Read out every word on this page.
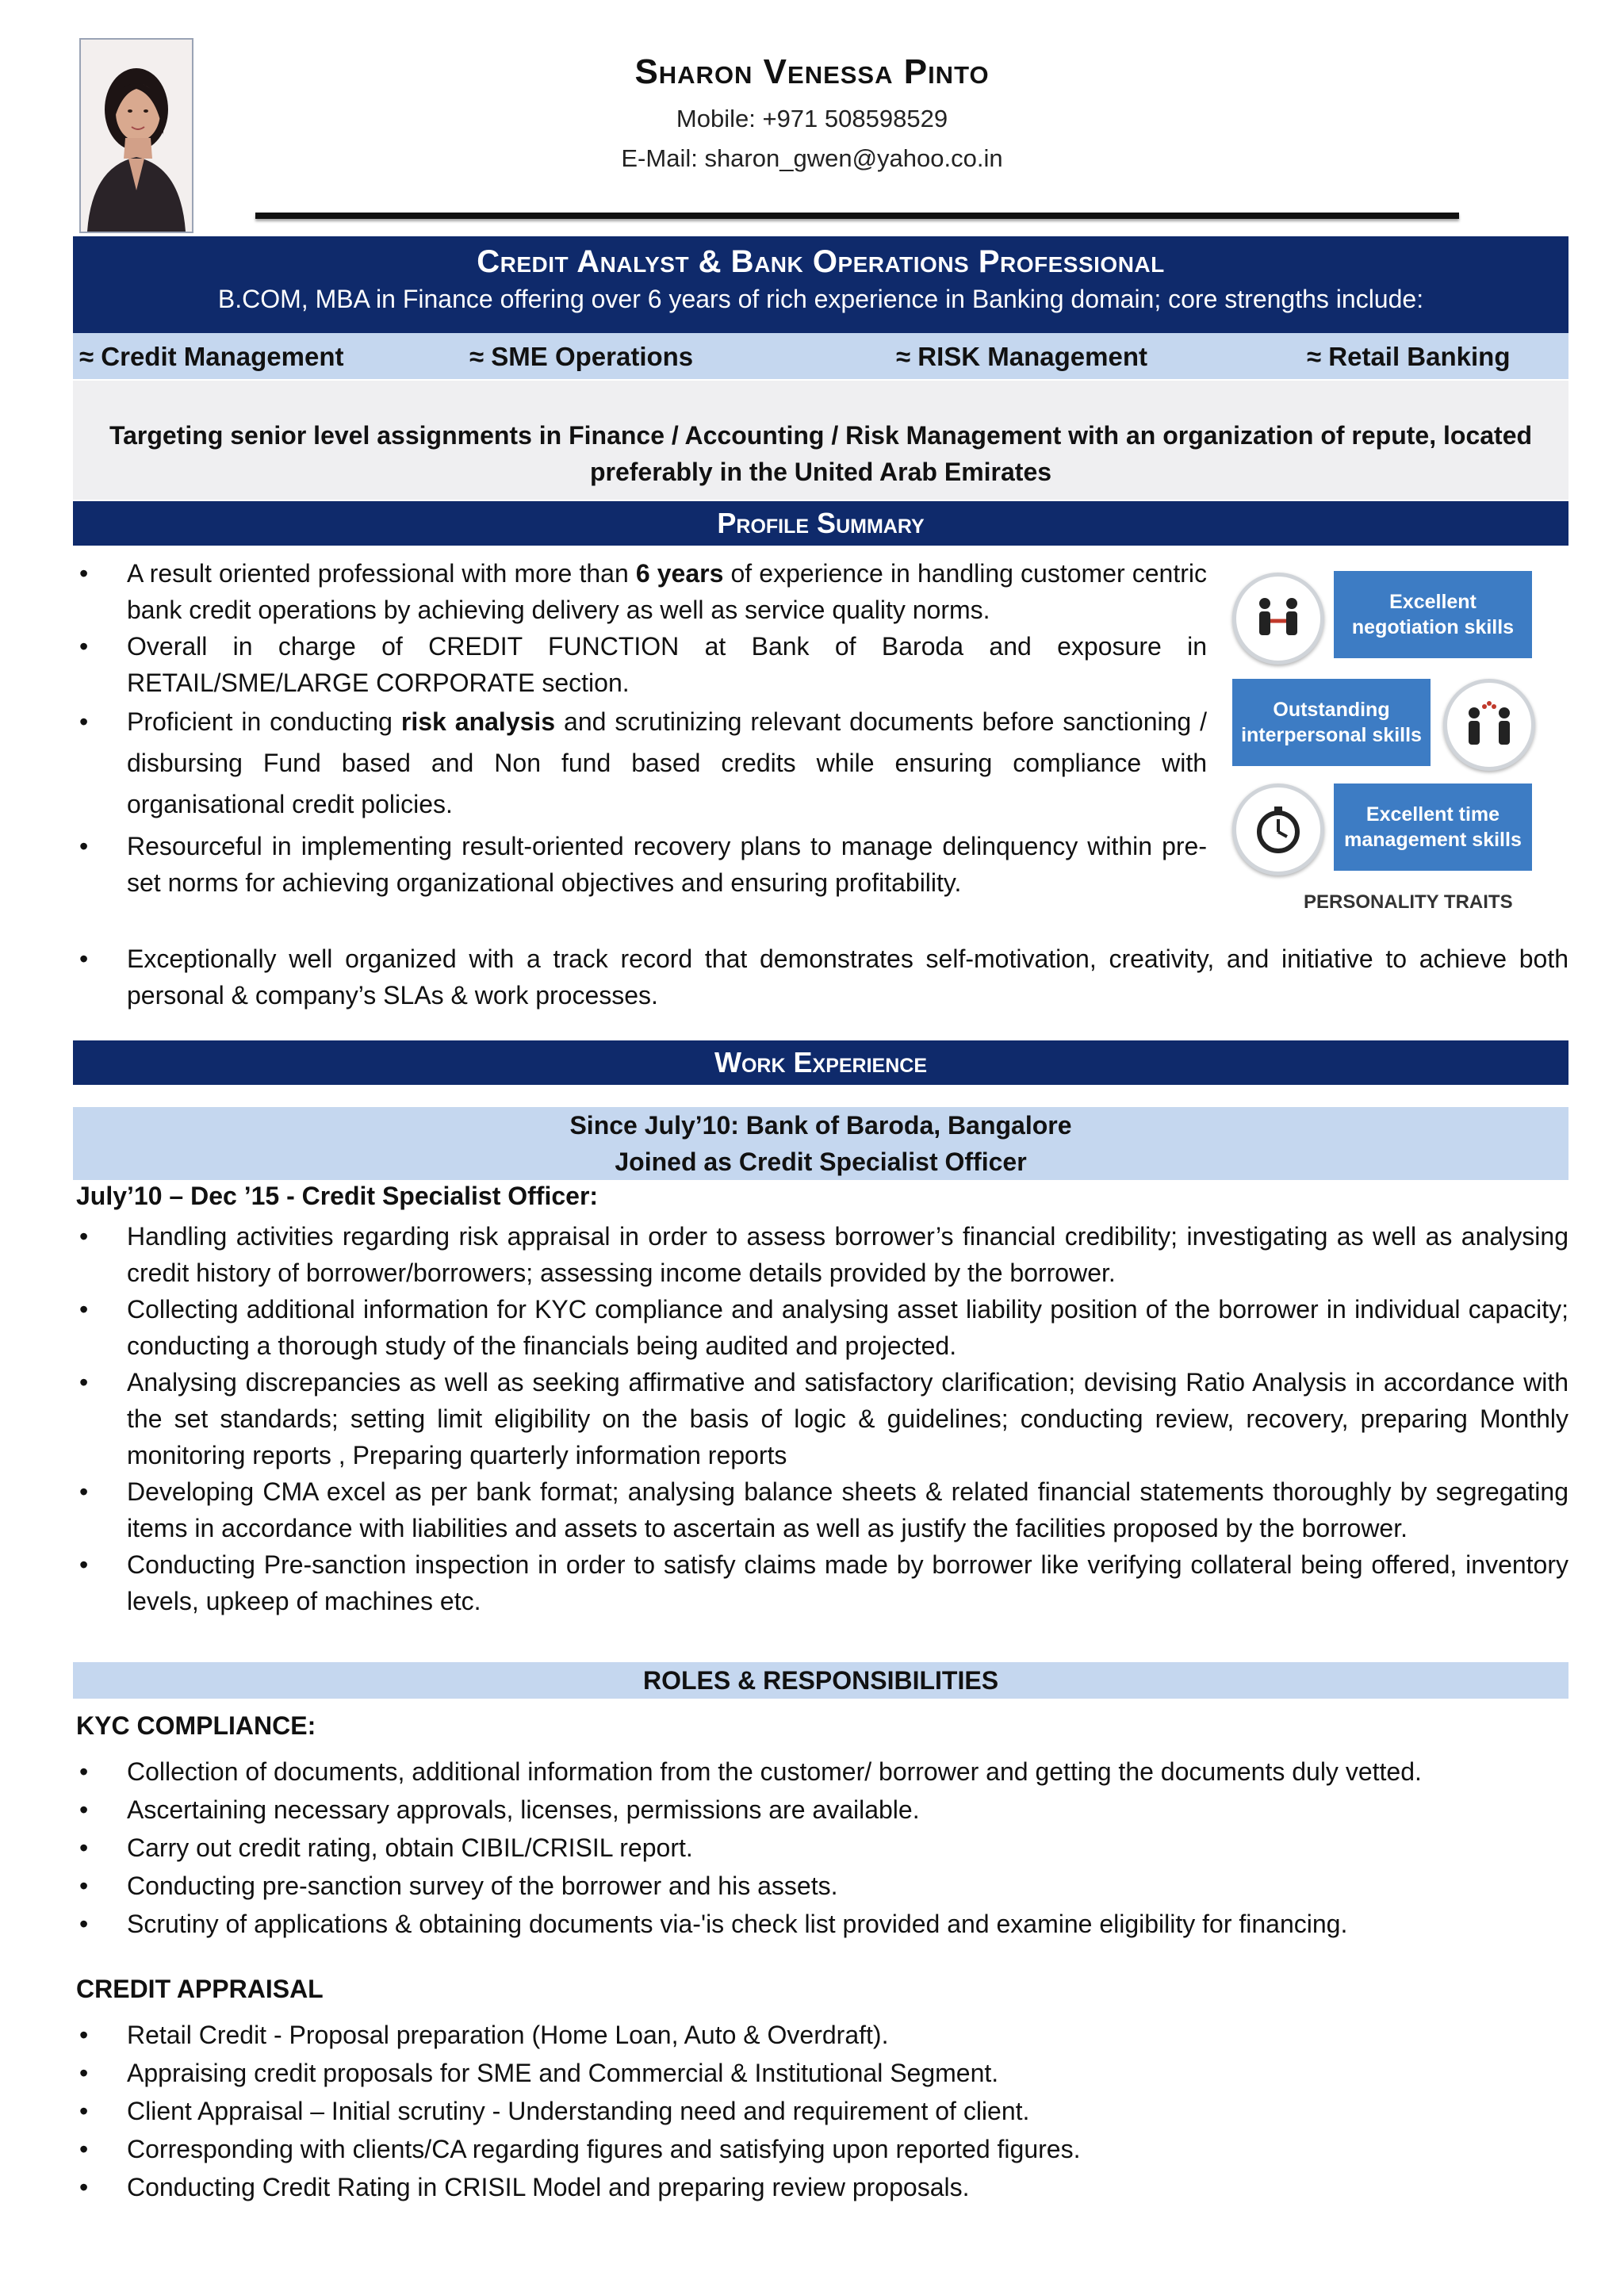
Sharon Venessa Pinto
Mobile: +971 508598529
E-Mail: sharon_gwen@yahoo.co.in
Credit Analyst & Bank Operations Professional
B.COM, MBA in Finance offering over 6 years of rich experience in Banking domain; core strengths include:
≈ Credit Management	≈ SME Operations	≈ RISK Management	≈ Retail Banking
Targeting senior level assignments in Finance / Accounting / Risk Management with an organization of repute, located preferably in the United Arab Emirates
Profile Summary
• A result oriented professional with more than 6 years of experience in handling customer centric bank credit operations by achieving delivery as well as service quality norms.
• Overall in charge of CREDIT FUNCTION at Bank of Baroda and exposure in RETAIL/SME/LARGE CORPORATE section.
• Proficient in conducting risk analysis and scrutinizing relevant documents before sanctioning / disbursing Fund based and Non fund based credits while ensuring compliance with organisational credit policies.
• Resourceful in implementing result-oriented recovery plans to manage delinquency within pre-set norms for achieving organizational objectives and ensuring profitability.
• Exceptionally well organized with a track record that demonstrates self-motivation, creativity, and initiative to achieve both personal & company’s SLAs & work processes.
Excellent negotiation skills
Outstanding interpersonal skills
Excellent time management skills
PERSONALITY TRAITS
Work Experience
Since July’10: Bank of Baroda, Bangalore
Joined as Credit Specialist Officer
July’10 – Dec ’15 - Credit Specialist Officer:
• Handling activities regarding risk appraisal in order to assess borrower’s financial credibility; investigating as well as analysing credit history of borrower/borrowers; assessing income details provided by the borrower.
• Collecting additional information for KYC compliance and analysing asset liability position of the borrower in individual capacity; conducting a thorough study of the financials being audited and projected.
• Analysing discrepancies as well as seeking affirmative and satisfactory clarification; devising Ratio Analysis in accordance with the set standards; setting limit eligibility on the basis of logic & guidelines; conducting review, recovery, preparing Monthly monitoring reports , Preparing quarterly information reports
• Developing CMA excel as per bank format; analysing balance sheets & related financial statements thoroughly by segregating items in accordance with liabilities and assets to ascertain as well as justify the facilities proposed by the borrower.
• Conducting Pre-sanction inspection in order to satisfy claims made by borrower like verifying collateral being offered, inventory levels, upkeep of machines etc.
ROLES & RESPONSIBILITIES
KYC COMPLIANCE:
• Collection of documents, additional information from the customer/ borrower and getting the documents duly vetted.
• Ascertaining necessary approvals, licenses, permissions are available.
• Carry out credit rating, obtain CIBIL/CRISIL report.
• Conducting pre-sanction survey of the borrower and his assets.
• Scrutiny of applications & obtaining documents via-'is check list provided and examine eligibility for financing.
CREDIT APPRAISAL
• Retail Credit - Proposal preparation (Home Loan, Auto & Overdraft).
• Appraising credit proposals for SME and Commercial & Institutional Segment.
• Client Appraisal – Initial scrutiny - Understanding need and requirement of client.
• Corresponding with clients/CA regarding figures and satisfying upon reported figures.
• Conducting Credit Rating in CRISIL Model and preparing review proposals.
